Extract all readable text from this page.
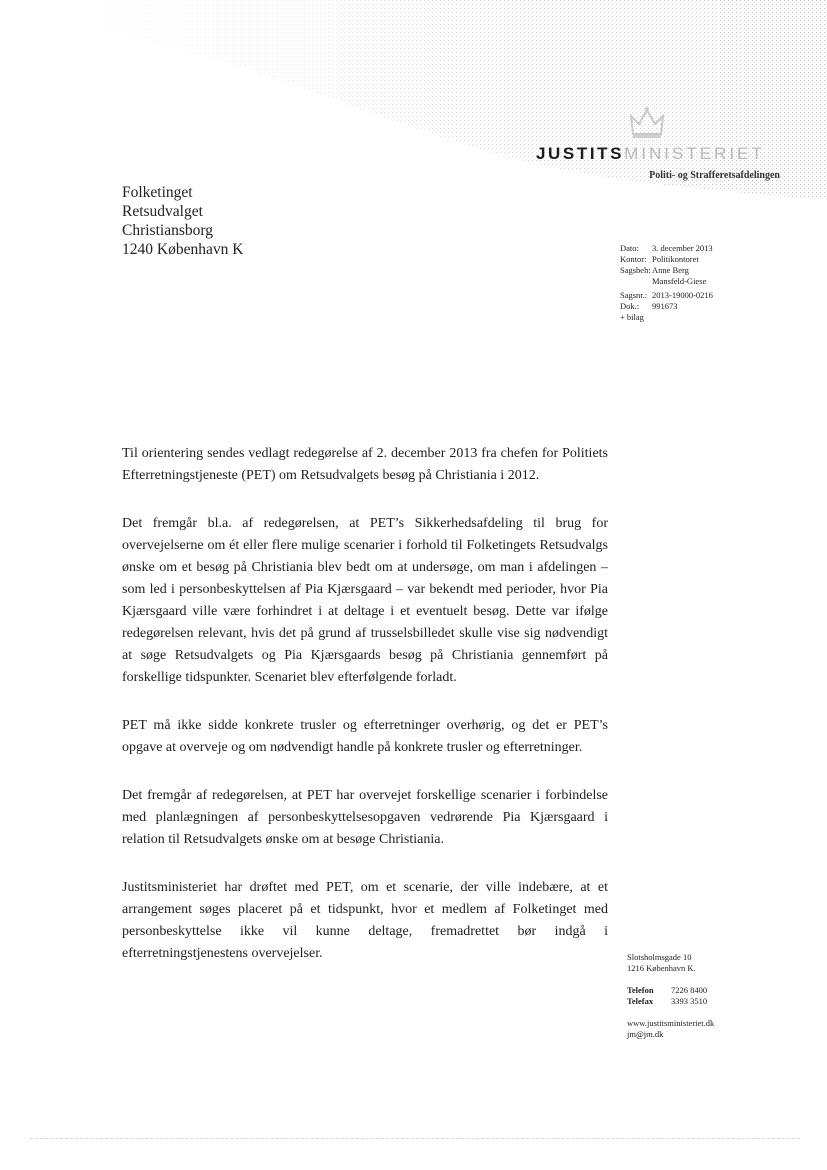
JUSTITSMINISTERIET
Politi- og Strafferetsafdelingen
Folketinget
Retsudvalget
Christiansborg
1240 København K	Dato:	3. december 2013
Kontor: Politikontoret
Sagsbeh: Anne Berg Mansfeld-Giese
Sagsnr.: 2013-19000-0216
Dok.:	991673
+ bilag

Til orientering sendes vedlagt redegørelse af 2. december 2013 fra chefen for Politiets Efterretningstjeneste (PET) om Retsudvalgets besøg på Christiania i 2012.

Det fremgår bl.a. af redegørelsen, at PET’s Sikkerhedsafdeling til brug for overvejelserne om ét eller flere mulige scenarier i forhold til Folketingets Retsudvalgs ønske om et besøg på Christiania blev bedt om at undersøge, om man i afdelingen – som led i personbeskyttelsen af Pia Kjærsgaard – var bekendt med perioder, hvor Pia Kjærsgaard ville være forhindret i at deltage i et eventuelt besøg. Dette var ifølge redegørelsen relevant, hvis det på grund af trusselsbilledet skulle vise sig nødvendigt at søge Retsudvalgets og Pia Kjærsgaards besøg på Christiania gennemført på forskellige tidspunkter. Scenariet blev efterfølgende forladt.

PET må ikke sidde konkrete trusler og efterretninger overhørig, og det er PET’s opgave at overveje og om nødvendigt handle på konkrete trusler og efterretninger.

Det fremgår af redegørelsen, at PET har overvejet forskellige scenarier i forbindelse med planlægningen af personbeskyttelsesopgaven vedrørende Pia Kjærsgaard i relation til Retsudvalgets ønske om at besøge Christiania.

Justitsministeriet har drøftet med PET, om et scenarie, der ville indebære, at et arrangement søges placeret på et tidspunkt, hvor et medlem af Folketinget med personbeskyttelse ikke vil kunne deltage, fremadrettet bør indgå i efterretningstjenestens overvejelser.	Slotsholmsgade 10
1216 København K.
Telefon	7226 8400
Telefax	3393 3510
www.justitsministeriet.dk
jm@jm.dk
